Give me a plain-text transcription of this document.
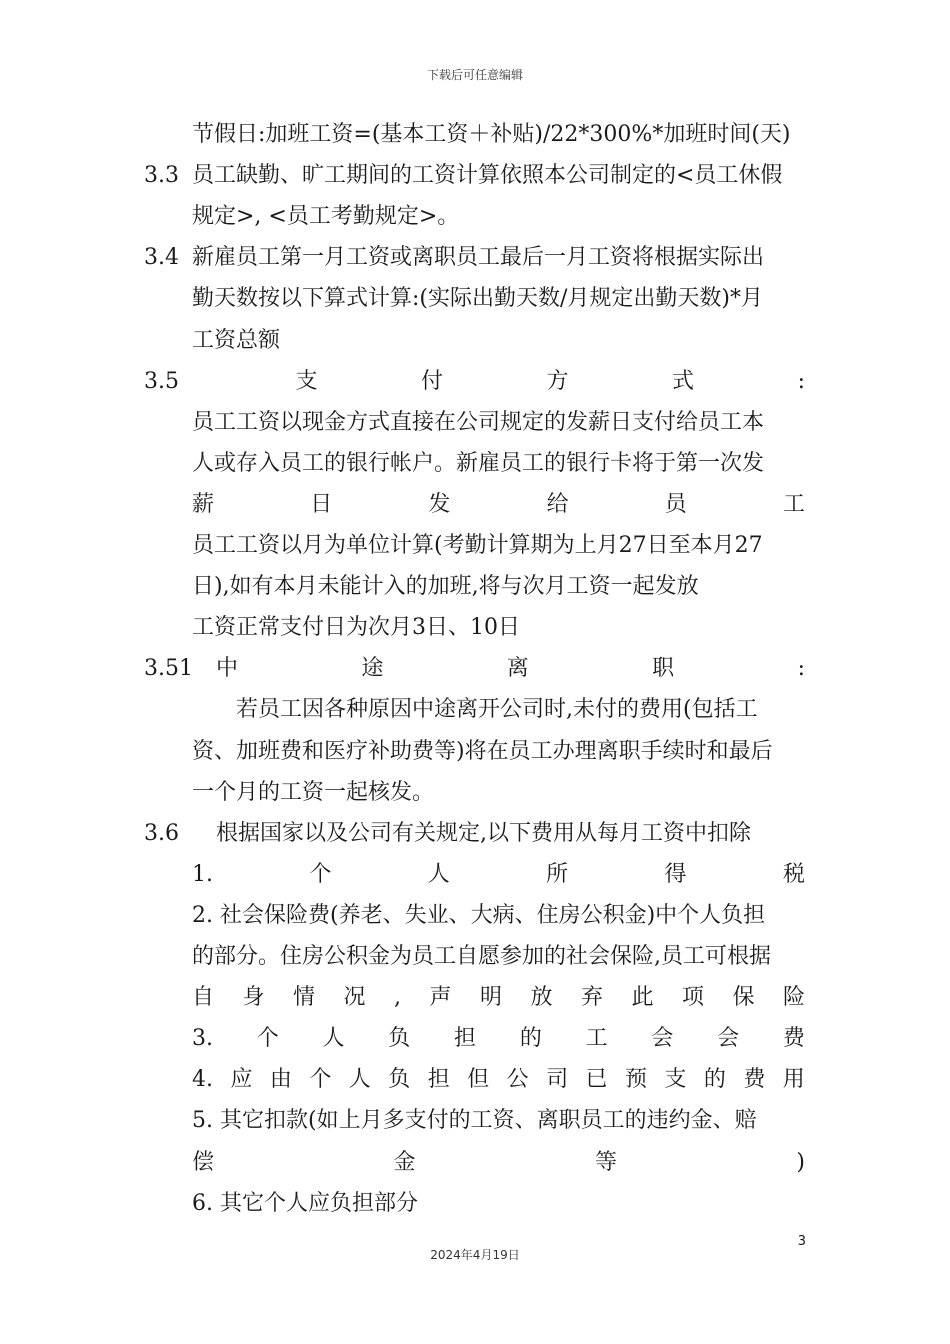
下载后可任意编辑
节假日:加班工资=(基本工资＋补贴)/22*300%*加班时间(天)
3.3 员工缺勤、旷工期间的工资计算依照本公司制定的<员工休假
规定>, <员工考勤规定>。
3.4 新雇员工第一月工资或离职员工最后一月工资将根据实际出
勤天数按以下算式计算:(实际出勤天数/月规定出勤天数)*月
工资总额
3.5	支	付	方	式	:
员工工资以现金方式直接在公司规定的发薪日支付给员工本
人或存入员工的银行帐户。新雇员工的银行卡将于第一次发
薪	日	发	给	员	工
员工工资以月为单位计算(考勤计算期为上月27日至本月27
日),如有本月未能计入的加班,将与次月工资一起发放
工资正常支付日为次月3日、10日
3.51 中	途	离	职	:
若员工因各种原因中途离开公司时,未付的费用(包括工
资、加班费和医疗补助费等)将在员工办理离职手续时和最后
一个月的工资一起核发。
3.6 根据国家以及公司有关规定,以下费用从每月工资中扣除
1.	个	人	所	得	税
2. 社会保险费(养老、失业、大病、住房公积金)中个人负担
的部分。住房公积金为员工自愿参加的社会保险,员工可根据
自 身 情 况 , 声 明 放 弃 此 项 保 险
3. 个 人 负 担 的 工 会 会 费
4. 应 由 个 人 负 担 但 公 司 已 预 支 的 费 用
5. 其它扣款(如上月多支付的工资、离职员工的违约金、赔
偿	金	等	)
6. 其它个人应负担部分
3
2024年4月19日
